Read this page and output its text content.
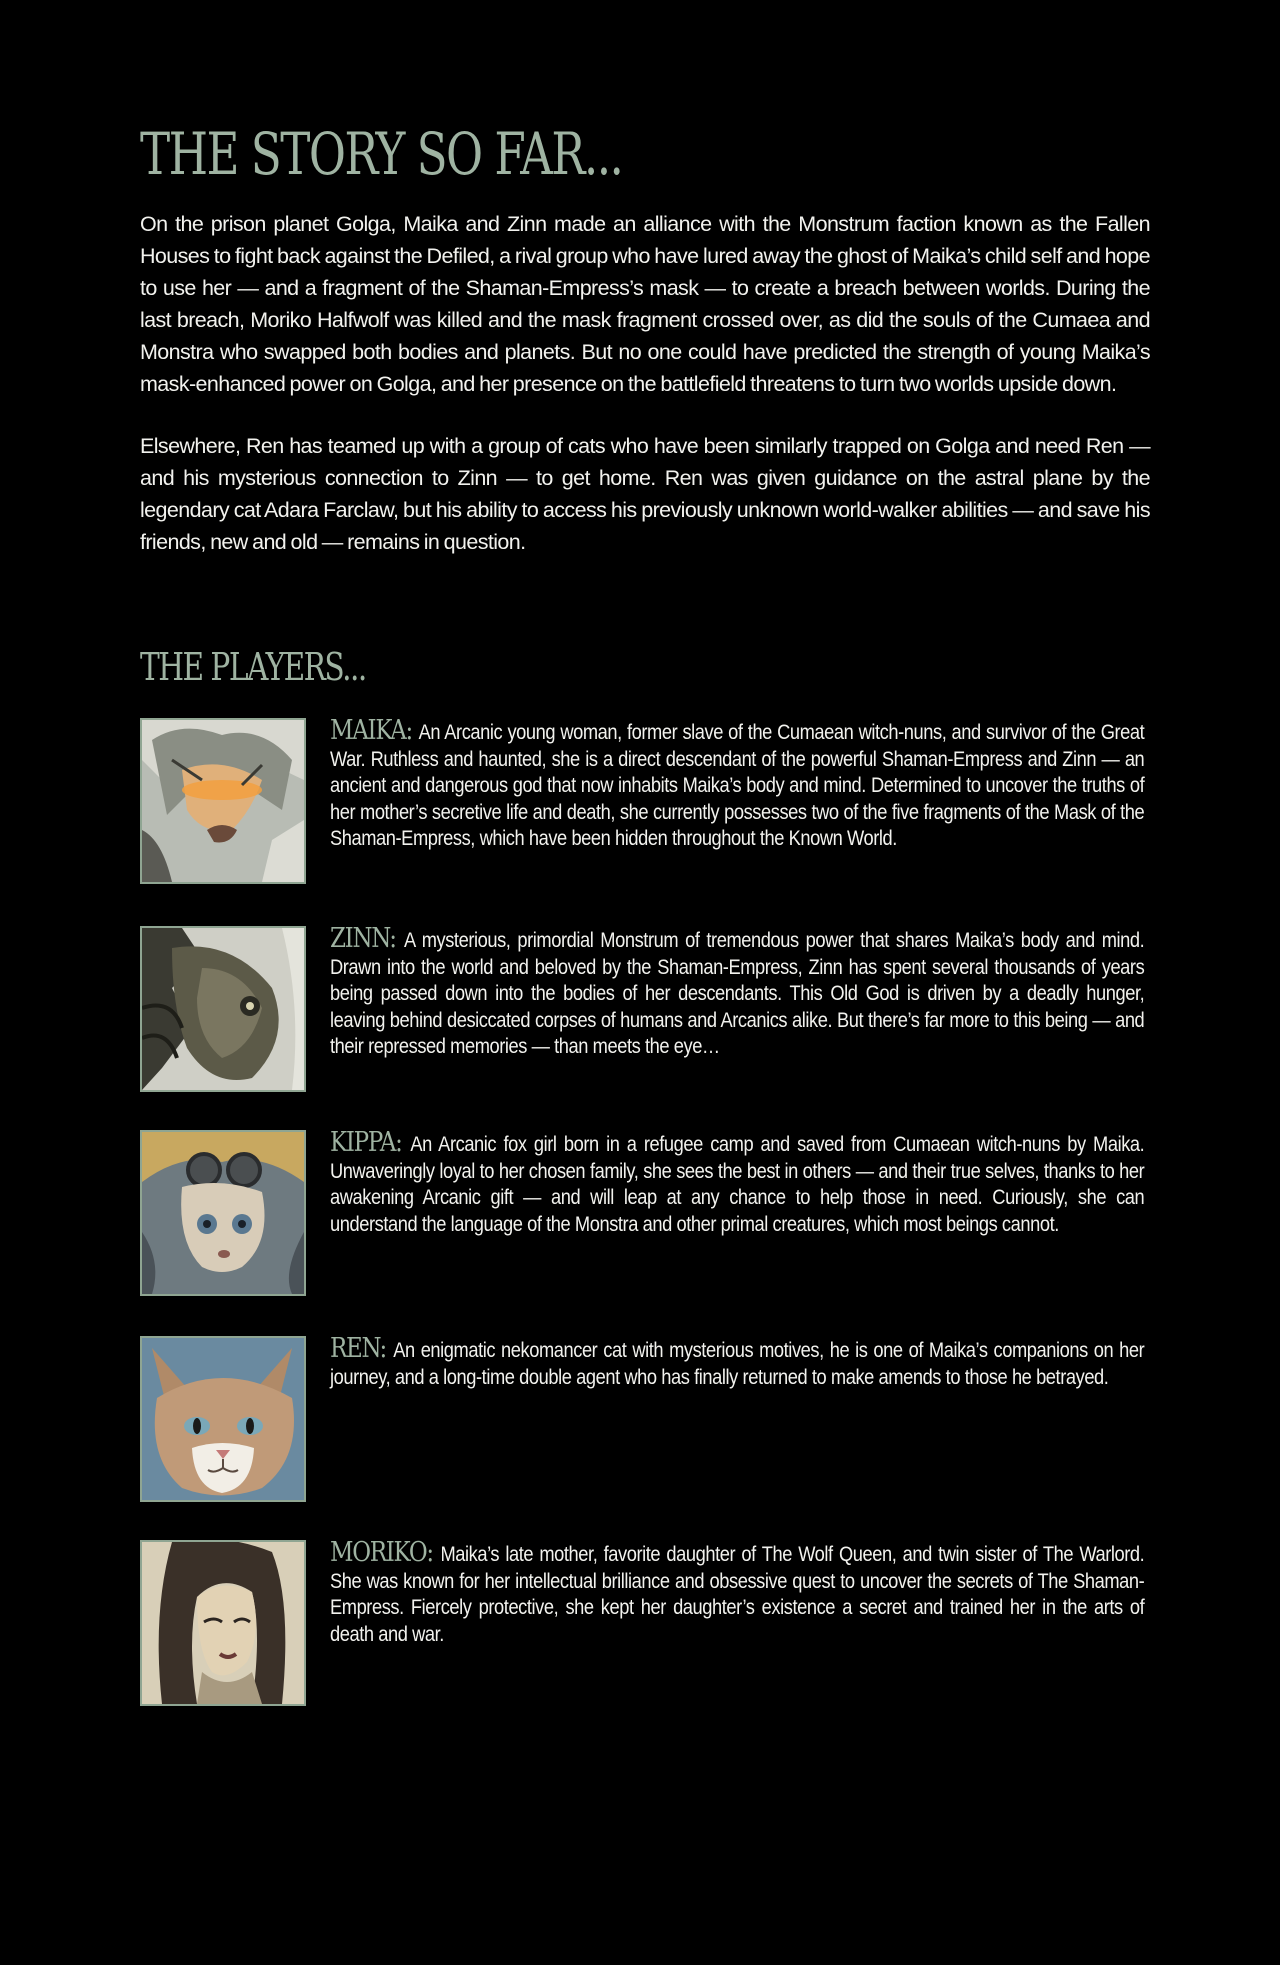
THE STORY SO FAR...

On the prison planet Golga, Maika and Zinn made an alliance with the Monstrum faction known as the Fallen Houses to fight back against the Defiled, a rival group who have lured away the ghost of Maika’s child self and hope to use her — and a fragment of the Shaman-Empress’s mask — to create a breach between worlds. During the last breach, Moriko Halfwolf was killed and the mask fragment crossed over, as did the souls of the Cumaea and Monstra who swapped both bodies and planets. But no one could have predicted the strength of young Maika’s mask-enhanced power on Golga, and her presence on the battlefield threatens to turn two worlds upside down.

Elsewhere, Ren has teamed up with a group of cats who have been similarly trapped on Golga and need Ren — and his mysterious connection to Zinn — to get home. Ren was given guidance on the astral plane by the legendary cat Adara Farclaw, but his ability to access his previously unknown world-walker abilities — and save his friends, new and old — remains in question.

THE PLAYERS...
MAIKA: An Arcanic young woman, former slave of the Cumaean witch-nuns, and survivor of the Great War. Ruthless and haunted, she is a direct descendant of the powerful Shaman-Empress and Zinn — an ancient and dangerous god that now inhabits Maika’s body and mind. Determined to uncover the truths of her mother’s secretive life and death, she currently possesses two of the five fragments of the Mask of the Shaman-Empress, which have been hidden throughout the Known World.
ZINN: A mysterious, primordial Monstrum of tremendous power that shares Maika’s body and mind. Drawn into the world and beloved by the Shaman-Empress, Zinn has spent several thousands of years being passed down into the bodies of her descendants. This Old God is driven by a deadly hunger, leaving behind desiccated corpses of humans and Arcanics alike. But there’s far more to this being — and their repressed memories — than meets the eye…
KIPPA: An Arcanic fox girl born in a refugee camp and saved from Cumaean witch-nuns by Maika. Unwaveringly loyal to her chosen family, she sees the best in others — and their true selves, thanks to her awakening Arcanic gift — and will leap at any chance to help those in need. Curiously, she can understand the language of the Monstra and other primal creatures, which most beings cannot.
REN: An enigmatic nekomancer cat with mysterious motives, he is one of Maika’s companions on her journey, and a long-time double agent who has finally returned to make amends to those he betrayed.
MORIKO: Maika’s late mother, favorite daughter of The Wolf Queen, and twin sister of The Warlord. She was known for her intellectual brilliance and obsessive quest to uncover the secrets of The Shaman-Empress. Fiercely protective, she kept her daughter’s existence a secret and trained her in the arts of death and war.
